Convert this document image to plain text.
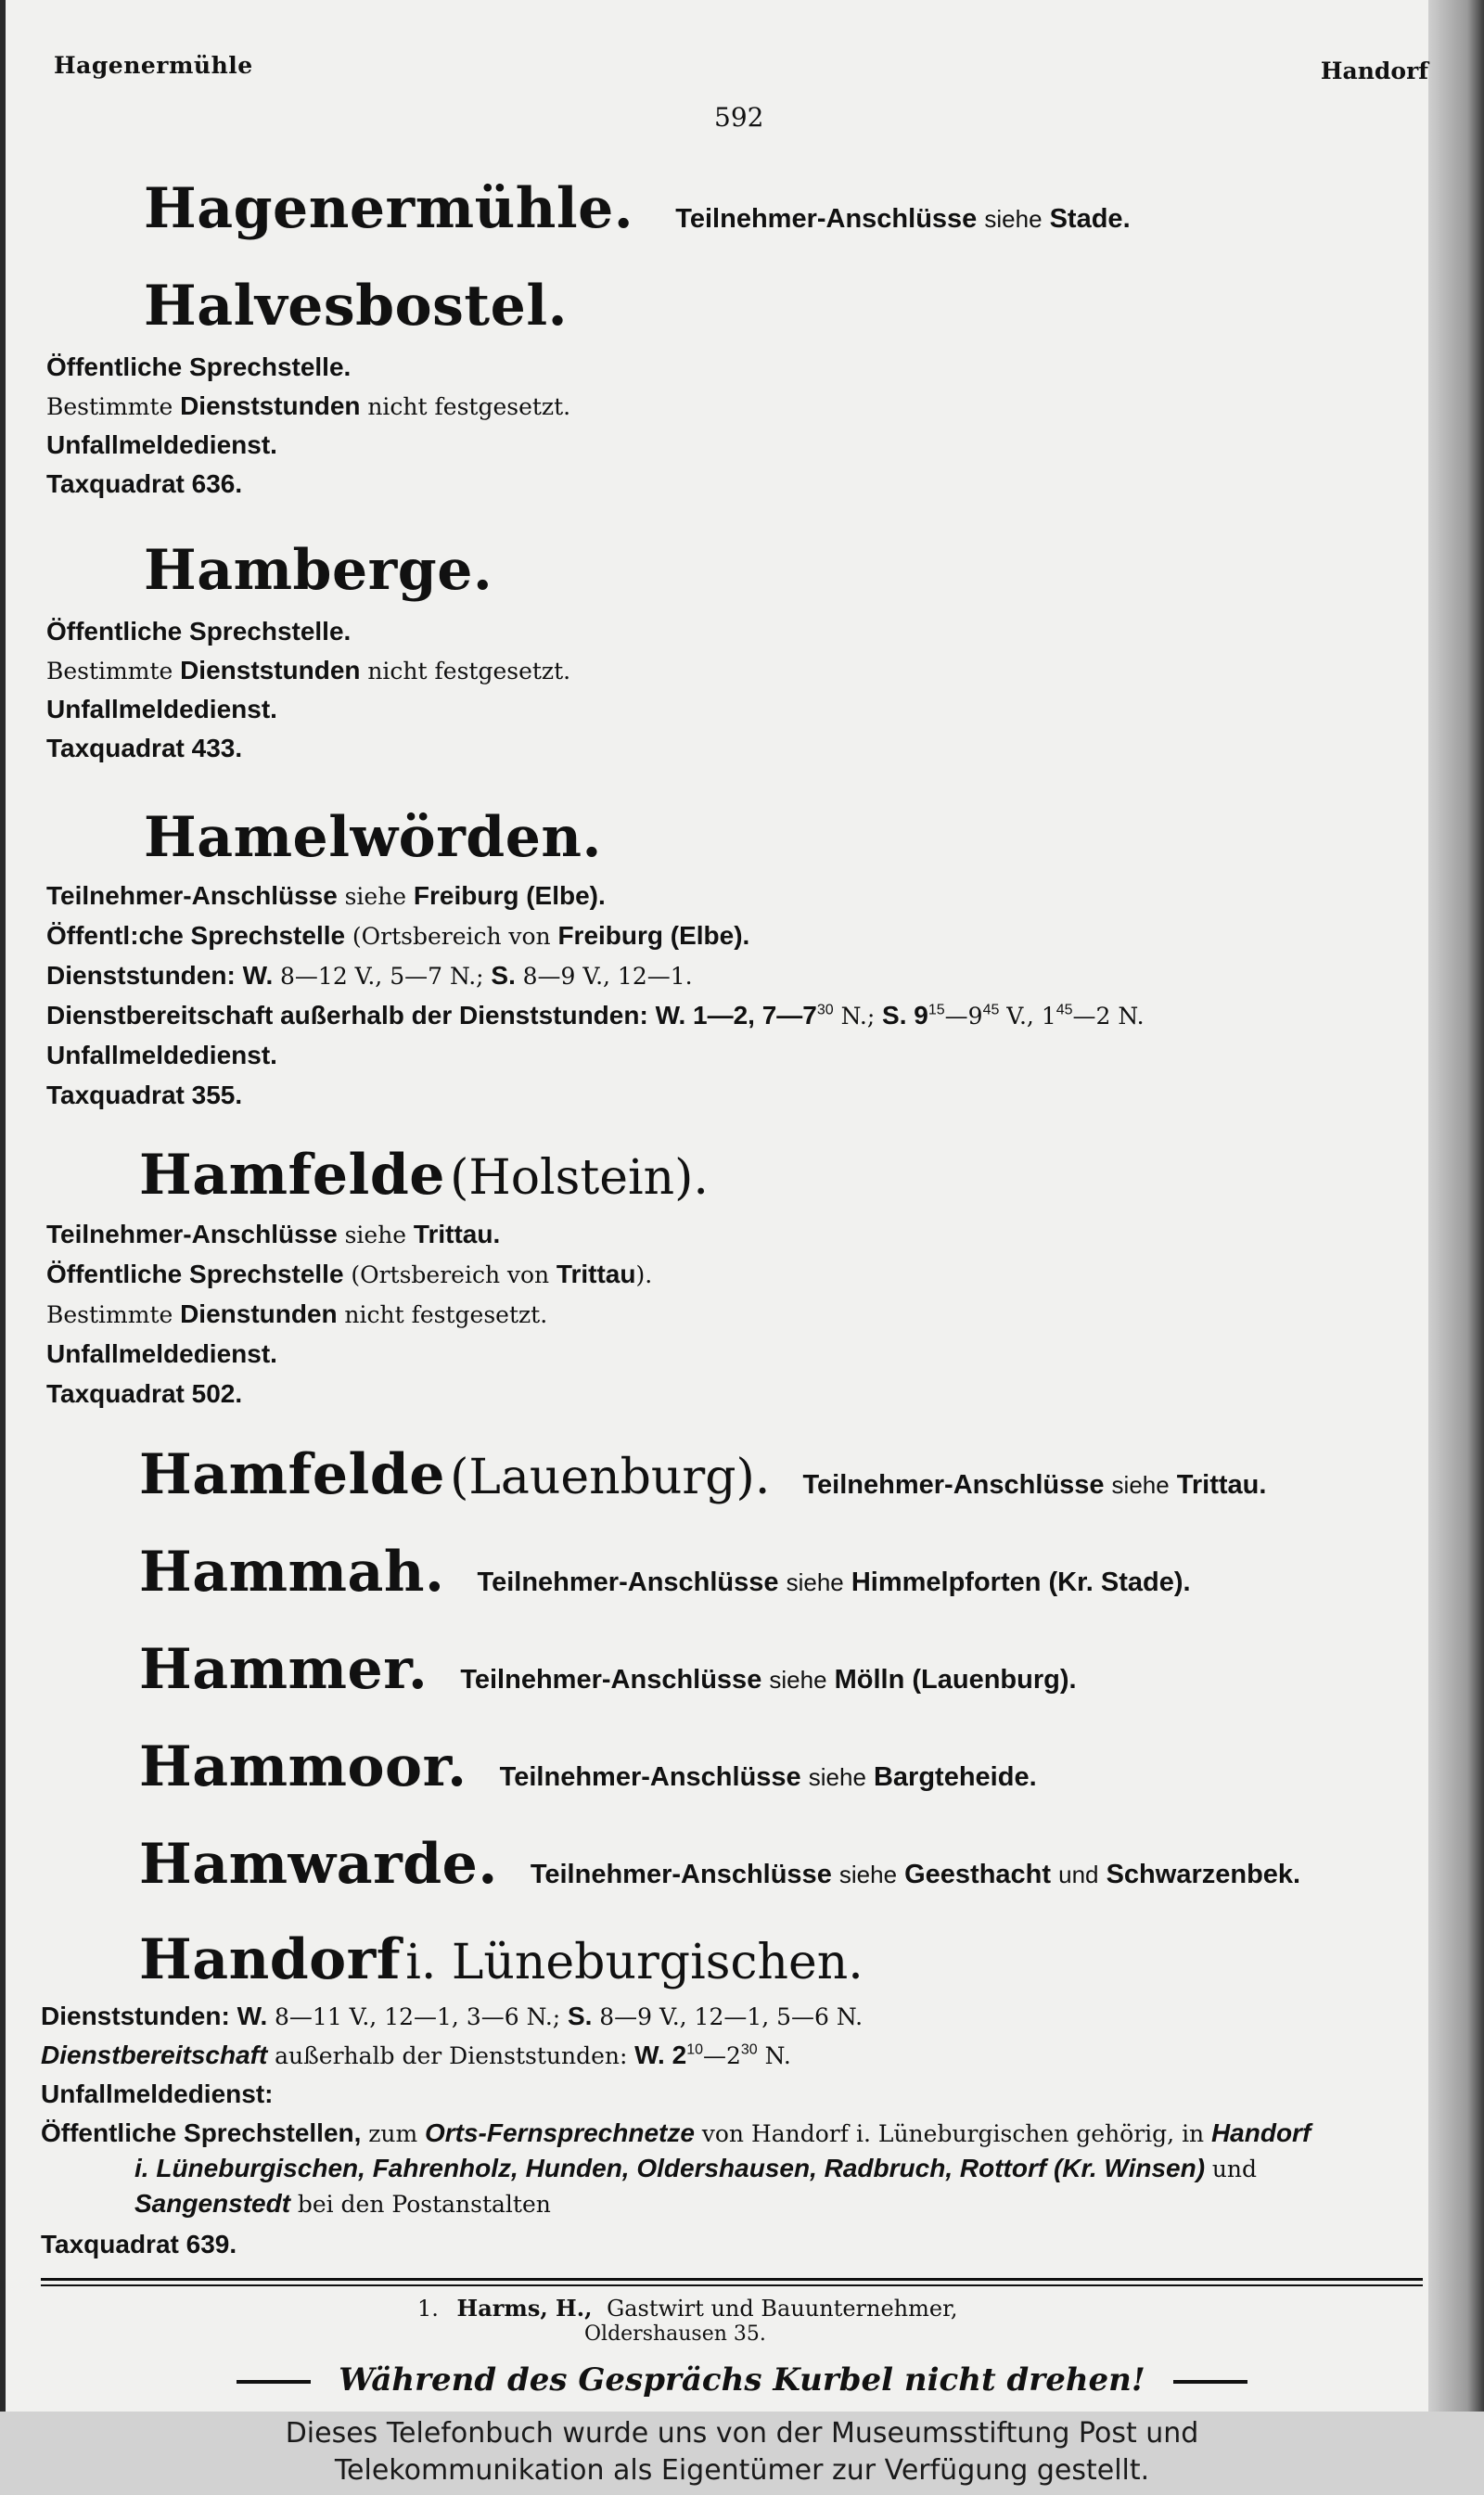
Hagenermühle	Handorf
592
Hagenermühle. Teilnehmer-Anschlüsse siehe Stade.
Halvesbostel.
Öffentliche Sprechstelle.
Bestimmte Dienststunden nicht festgesetzt.
Unfallmeldedienst.
Taxquadrat 636.
Hamberge.
Öffentliche Sprechstelle.
Bestimmte Dienststunden nicht festgesetzt.
Unfallmeldedienst.
Taxquadrat 433.
Hamelwörden.
Teilnehmer-Anschlüsse siehe Freiburg (Elbe).
Öffentl:che Sprechstelle (Ortsbereich von Freiburg (Elbe).
Dienststunden: W. 8—12 V., 5—7 N.; S. 8—9 V., 12—1.
Dienstbereitschaft außerhalb der Dienststunden: W. 1—2, $7—7^{30}$ N.; S. $9^{15}—9^{45}$ V., $1^{45}—2$ N.
Unfallmeldedienst.
Taxquadrat 355.
Hamfelde (Holstein).
Teilnehmer-Anschlüsse siehe Trittau.
Öffentliche Sprechstelle (Ortsbereich von Trittau).
Bestimmte Dienstunden nicht festgesetzt.
Unfallmeldedienst.
Taxquadrat 502.
Hamfelde (Lauenburg). Teilnehmer-Anschlüsse siehe Trittau.
Hammah. Teilnehmer-Anschlüsse siehe Himmelpforten (Kr. Stade).
Hammer. Teilnehmer-Anschlüsse siehe Mölln (Lauenburg).
Hammoor. Teilnehmer-Anschlüsse siehe Bargteheide.
Hamwarde. Teilnehmer-Anschlüsse siehe Geesthacht und Schwarzenbek.
Handorf i. Lüneburgischen.
Dienststunden: W. 8—11 V., 12—1, 3—6 N.; S. 8—9 V., 12—1, 5—6 N.
Dienstbereitschaft außerhalb der Dienststunden: W. $2^{10}—2^{30}$ N.
Unfallmeldedienst:
Öffentliche Sprechstellen, zum Orts-Fernsprechnetze von Handorf i. Lüneburgischen gehörig, in Handorf
i. Lüneburgischen, Fahrenholz, Hunden, Oldershausen, Radbruch, Rottorf (Kr. Winsen) und
Sangenstedt bei den Postanstalten
Taxquadrat 639.
1. Harms, H., Gastwirt und Bauunternehmer,
Oldershausen 35.
Während des Gesprächs Kurbel nicht drehen!
Dieses Telefonbuch wurde uns von der Museumsstiftung Post und
Telekommunikation als Eigentümer zur Verfügung gestellt.
